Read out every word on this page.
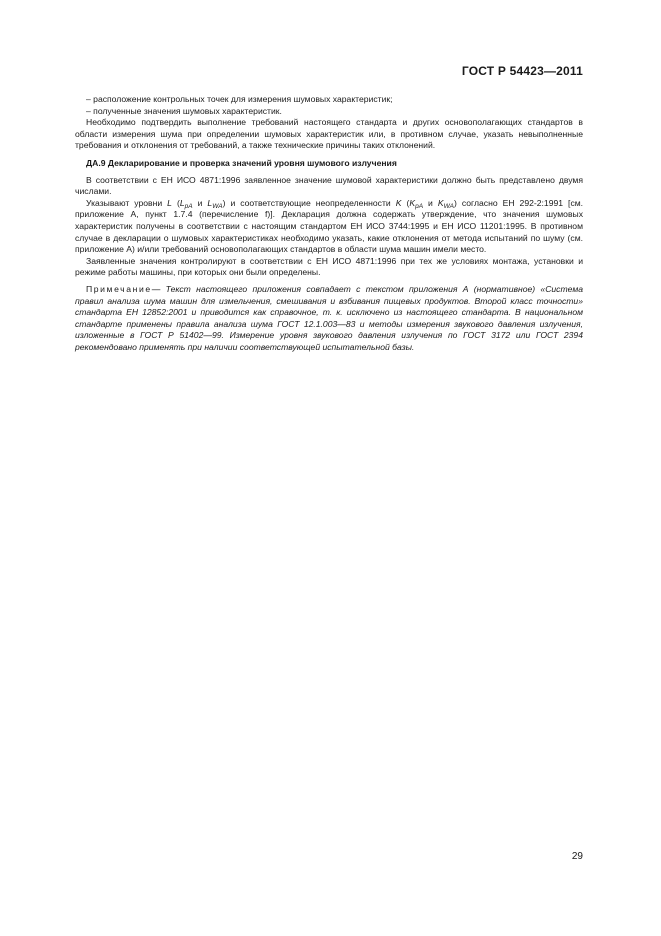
ГОСТ Р 54423—2011

– расположение контрольных точек для измерения шумовых характеристик;

– полученные значения шумовых характеристик.

Необходимо подтвердить выполнение требований настоящего стандарта и других основополагающих стандартов в области измерения шума при определении шумовых характеристик или, в противном случае, указать невыполненные требования и отклонения от требований, а также технические причины таких отклонений.

ДА.9 Декларирование и проверка значений уровня шумового излучения

В соответствии с ЕН ИСО 4871:1996 заявленное значение шумовой характеристики должно быть представлено двумя числами.

Указывают уровни L ($L_{pA}$ и $L_{WA}$) и соответствующие неопределенности K ($K_{pA}$ и $K_{WA}$) согласно ЕН 292-2:1991 [см. приложение А, пункт 1.7.4 (перечисление f)]. Декларация должна содержать утверждение, что значения шумовых характеристик получены в соответствии с настоящим стандартом ЕН ИСО 3744:1995 и ЕН ИСО 11201:1995. В противном случае в декларации о шумовых характеристиках необходимо указать, какие отклонения от метода испытаний по шуму (см. приложение А) и/или требований основополагающих стандартов в области шума машин имели место.

Заявленные значения контролируют в соответствии с ЕН ИСО 4871:1996 при тех же условиях монтажа, установки и режиме работы машины, при которых они были определены.

Примечание— Текст настоящего приложения совпадает с текстом приложения А (нормативное) «Система правил анализа шума машин для измельчения, смешивания и взбивания пищевых продуктов. Второй класс точности» стандарта ЕН 12852:2001 и приводится как справочное, т. к. исключено из настоящего стандарта. В национальном стандарте применены правила анализа шума ГОСТ 12.1.003—83 и методы измерения звукового давления излучения, изложенные в ГОСТ Р 51402—99. Измерение уровня звукового давления излучения по ГОСТ 3172 или ГОСТ 2394 рекомендовано применять при наличии соответствующей испытательной базы.

29
